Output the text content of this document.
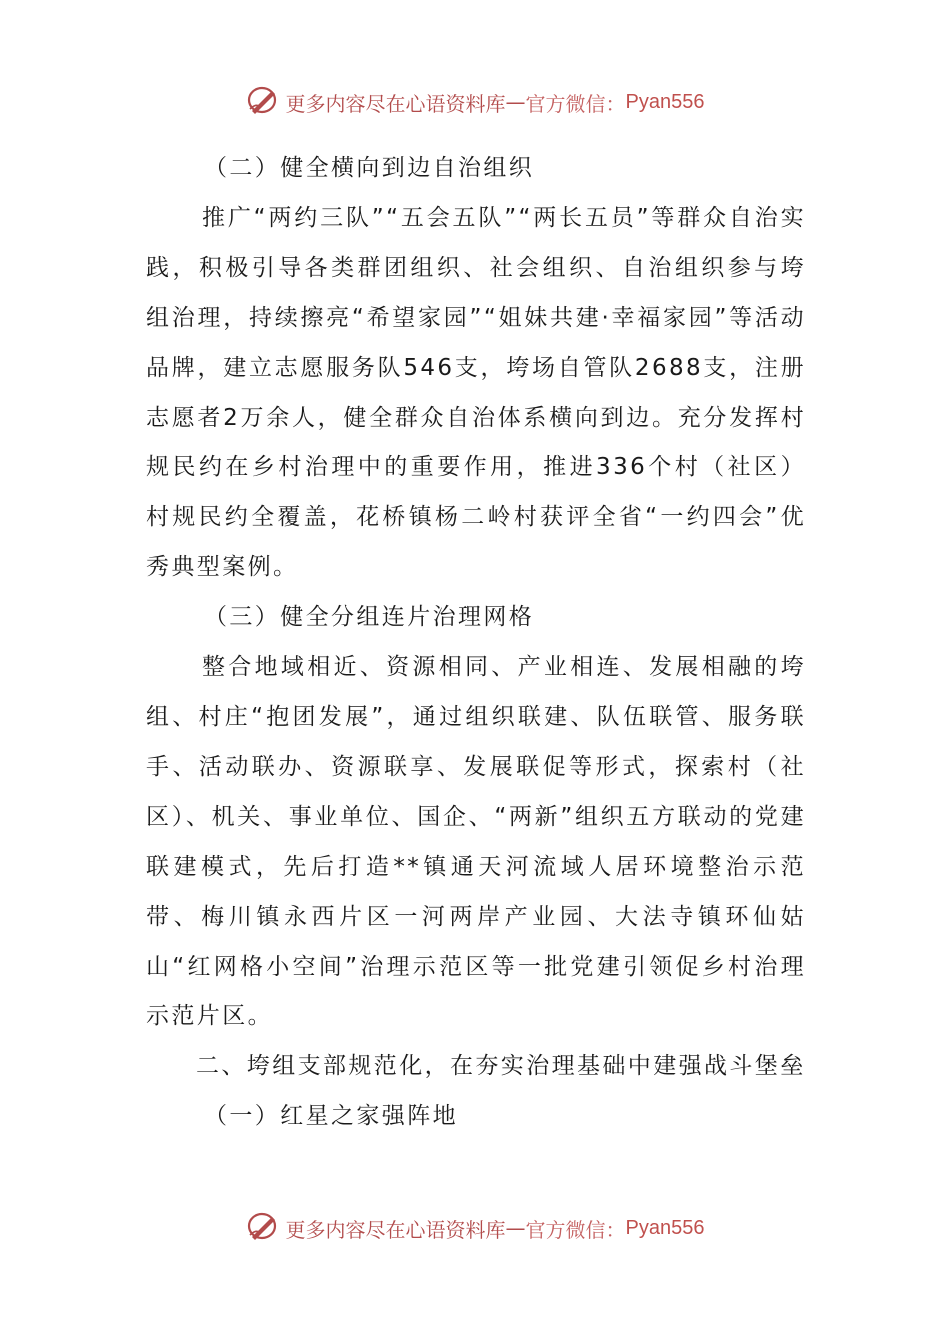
更多内容尽在心语资料库 — 官方微信： Pyan556

（二）健全横向到边自治组织

推广“两约三队”“五会五队”“两长五员”等群众自治实践，积极引导各类群团组织、社会组织、自治组织参与垮组治理，持续擦亮“希望家园”“姐妹共建·幸福家园”等活动品牌，建立志愿服务队546支，垮场自管队2688支，注册志愿者2万余人，健全群众自治体系横向到边。充分发挥村规民约在乡村治理中的重要作用，推进336个村（社区）村规民约全覆盖，花桥镇杨二岭村获评全省“一约四会”优秀典型案例。

（三）健全分组连片治理网格

整合地域相近、资源相同、产业相连、发展相融的垮组、村庄“抱团发展”，通过组织联建、队伍联管、服务联手、活动联办、资源联享、发展联促等形式，探索村（社区）、机关、事业单位、国企、“两新”组织五方联动的党建联建模式，先后打造**镇通天河流域人居环境整治示范带、梅川镇永西片区一河两岸产业园、大法寺镇环仙姑山“红网格小空间”治理示范区等一批党建引领促乡村治理示范片区。

二、垮组支部规范化，在夯实治理基础中建强战斗堡垒

（一）红星之家强阵地

更多内容尽在心语资料库 — 官方微信： Pyan556
